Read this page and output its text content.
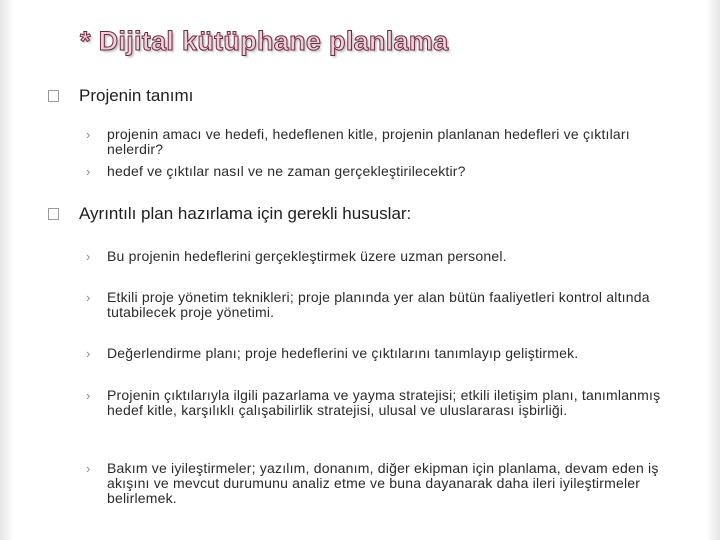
* Dijital kütüphane planlama
Projenin tanımı
› projenin amacı ve hedefi, hedeflenen kitle, projenin planlanan hedefleri ve çıktıları nelerdir?
› hedef ve çıktılar nasıl ve ne zaman gerçekleştirilecektir?
Ayrıntılı plan hazırlama için gerekli hususlar:
› Bu projenin hedeflerini gerçekleştirmek üzere uzman personel.
› Etkili proje yönetim teknikleri; proje planında yer alan bütün faaliyetleri kontrol altında tutabilecek proje yönetimi.
› Değerlendirme planı; proje hedeflerini ve çıktılarını tanımlayıp geliştirmek.
› Projenin çıktılarıyla ilgili pazarlama ve yayma stratejisi; etkili iletişim planı, tanımlanmış hedef kitle, karşılıklı çalışabilirlik stratejisi, ulusal ve uluslararası işbirliği.
› Bakım ve iyileştirmeler; yazılım, donanım, diğer ekipman için planlama, devam eden iş akışını ve mevcut durumunu analiz etme ve buna dayanarak daha ileri iyileştirmeler belirlemek.
